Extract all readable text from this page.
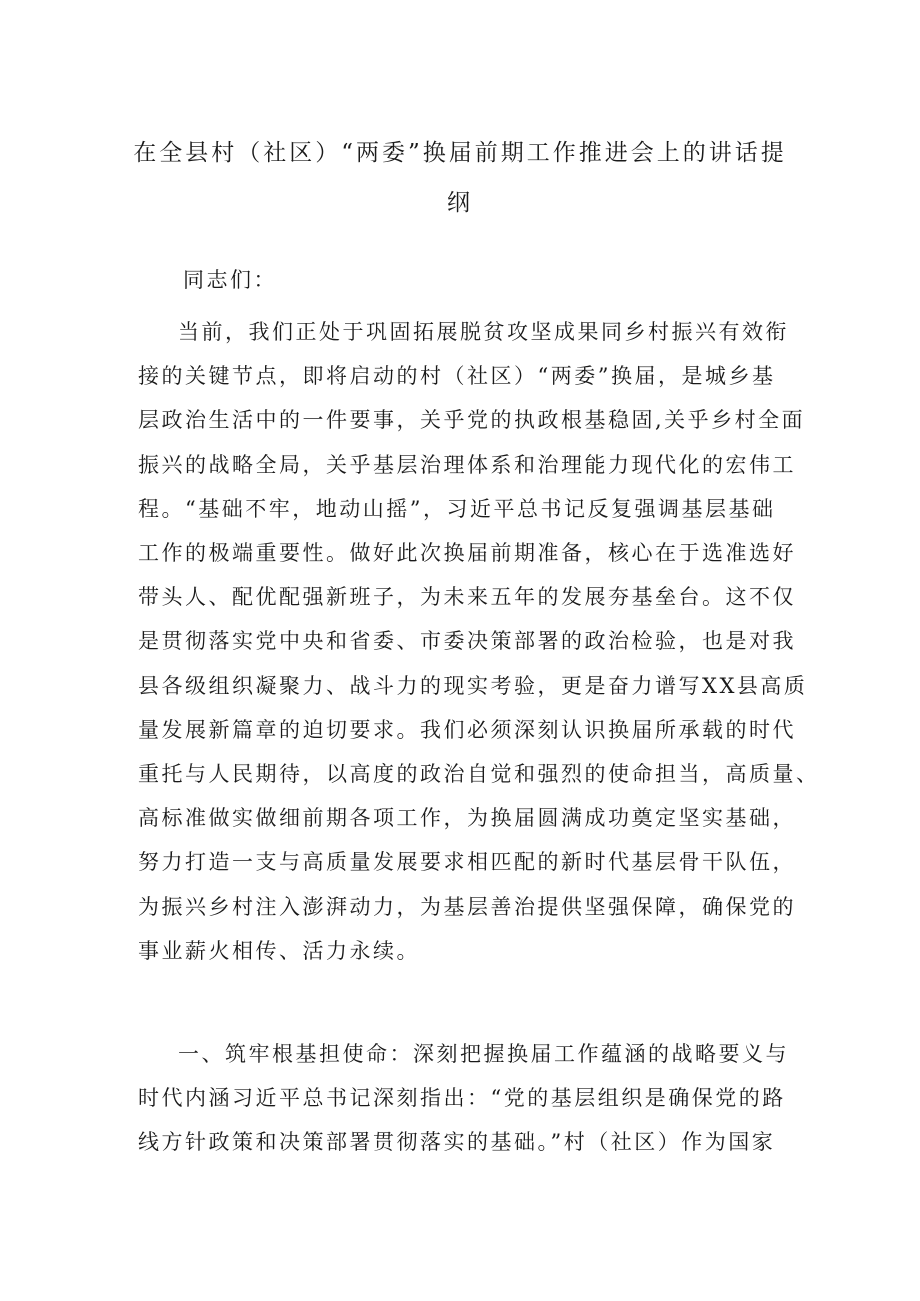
在全县村（社区）“两委”换届前期工作推进会上的讲话提
纲

同志们：

当前，我们正处于巩固拓展脱贫攻坚成果同乡村振兴有效衔
接的关键节点，即将启动的村（社区）“两委”换届，是城乡基
层政治生活中的一件要事，关乎党的执政根基稳固,关乎乡村全面
振兴的战略全局，关乎基层治理体系和治理能力现代化的宏伟工
程。“基础不牢，地动山摇”，习近平总书记反复强调基层基础
工作的极端重要性。做好此次换届前期准备，核心在于选准选好
带头人、配优配强新班子，为未来五年的发展夯基垒台。这不仅
是贯彻落实党中央和省委、市委决策部署的政治检验，也是对我
县各级组织凝聚力、战斗力的现实考验，更是奋力谱写XX县高质
量发展新篇章的迫切要求。我们必须深刻认识换届所承载的时代
重托与人民期待，以高度的政治自觉和强烈的使命担当，高质量、
高标准做实做细前期各项工作，为换届圆满成功奠定坚实基础，
努力打造一支与高质量发展要求相匹配的新时代基层骨干队伍，
为振兴乡村注入澎湃动力，为基层善治提供坚强保障，确保党的
事业薪火相传、活力永续。

一、筑牢根基担使命：深刻把握换届工作蕴涵的战略要义与
时代内涵习近平总书记深刻指出：“党的基层组织是确保党的路
线方针政策和决策部署贯彻落实的基础。”村（社区）作为国家
